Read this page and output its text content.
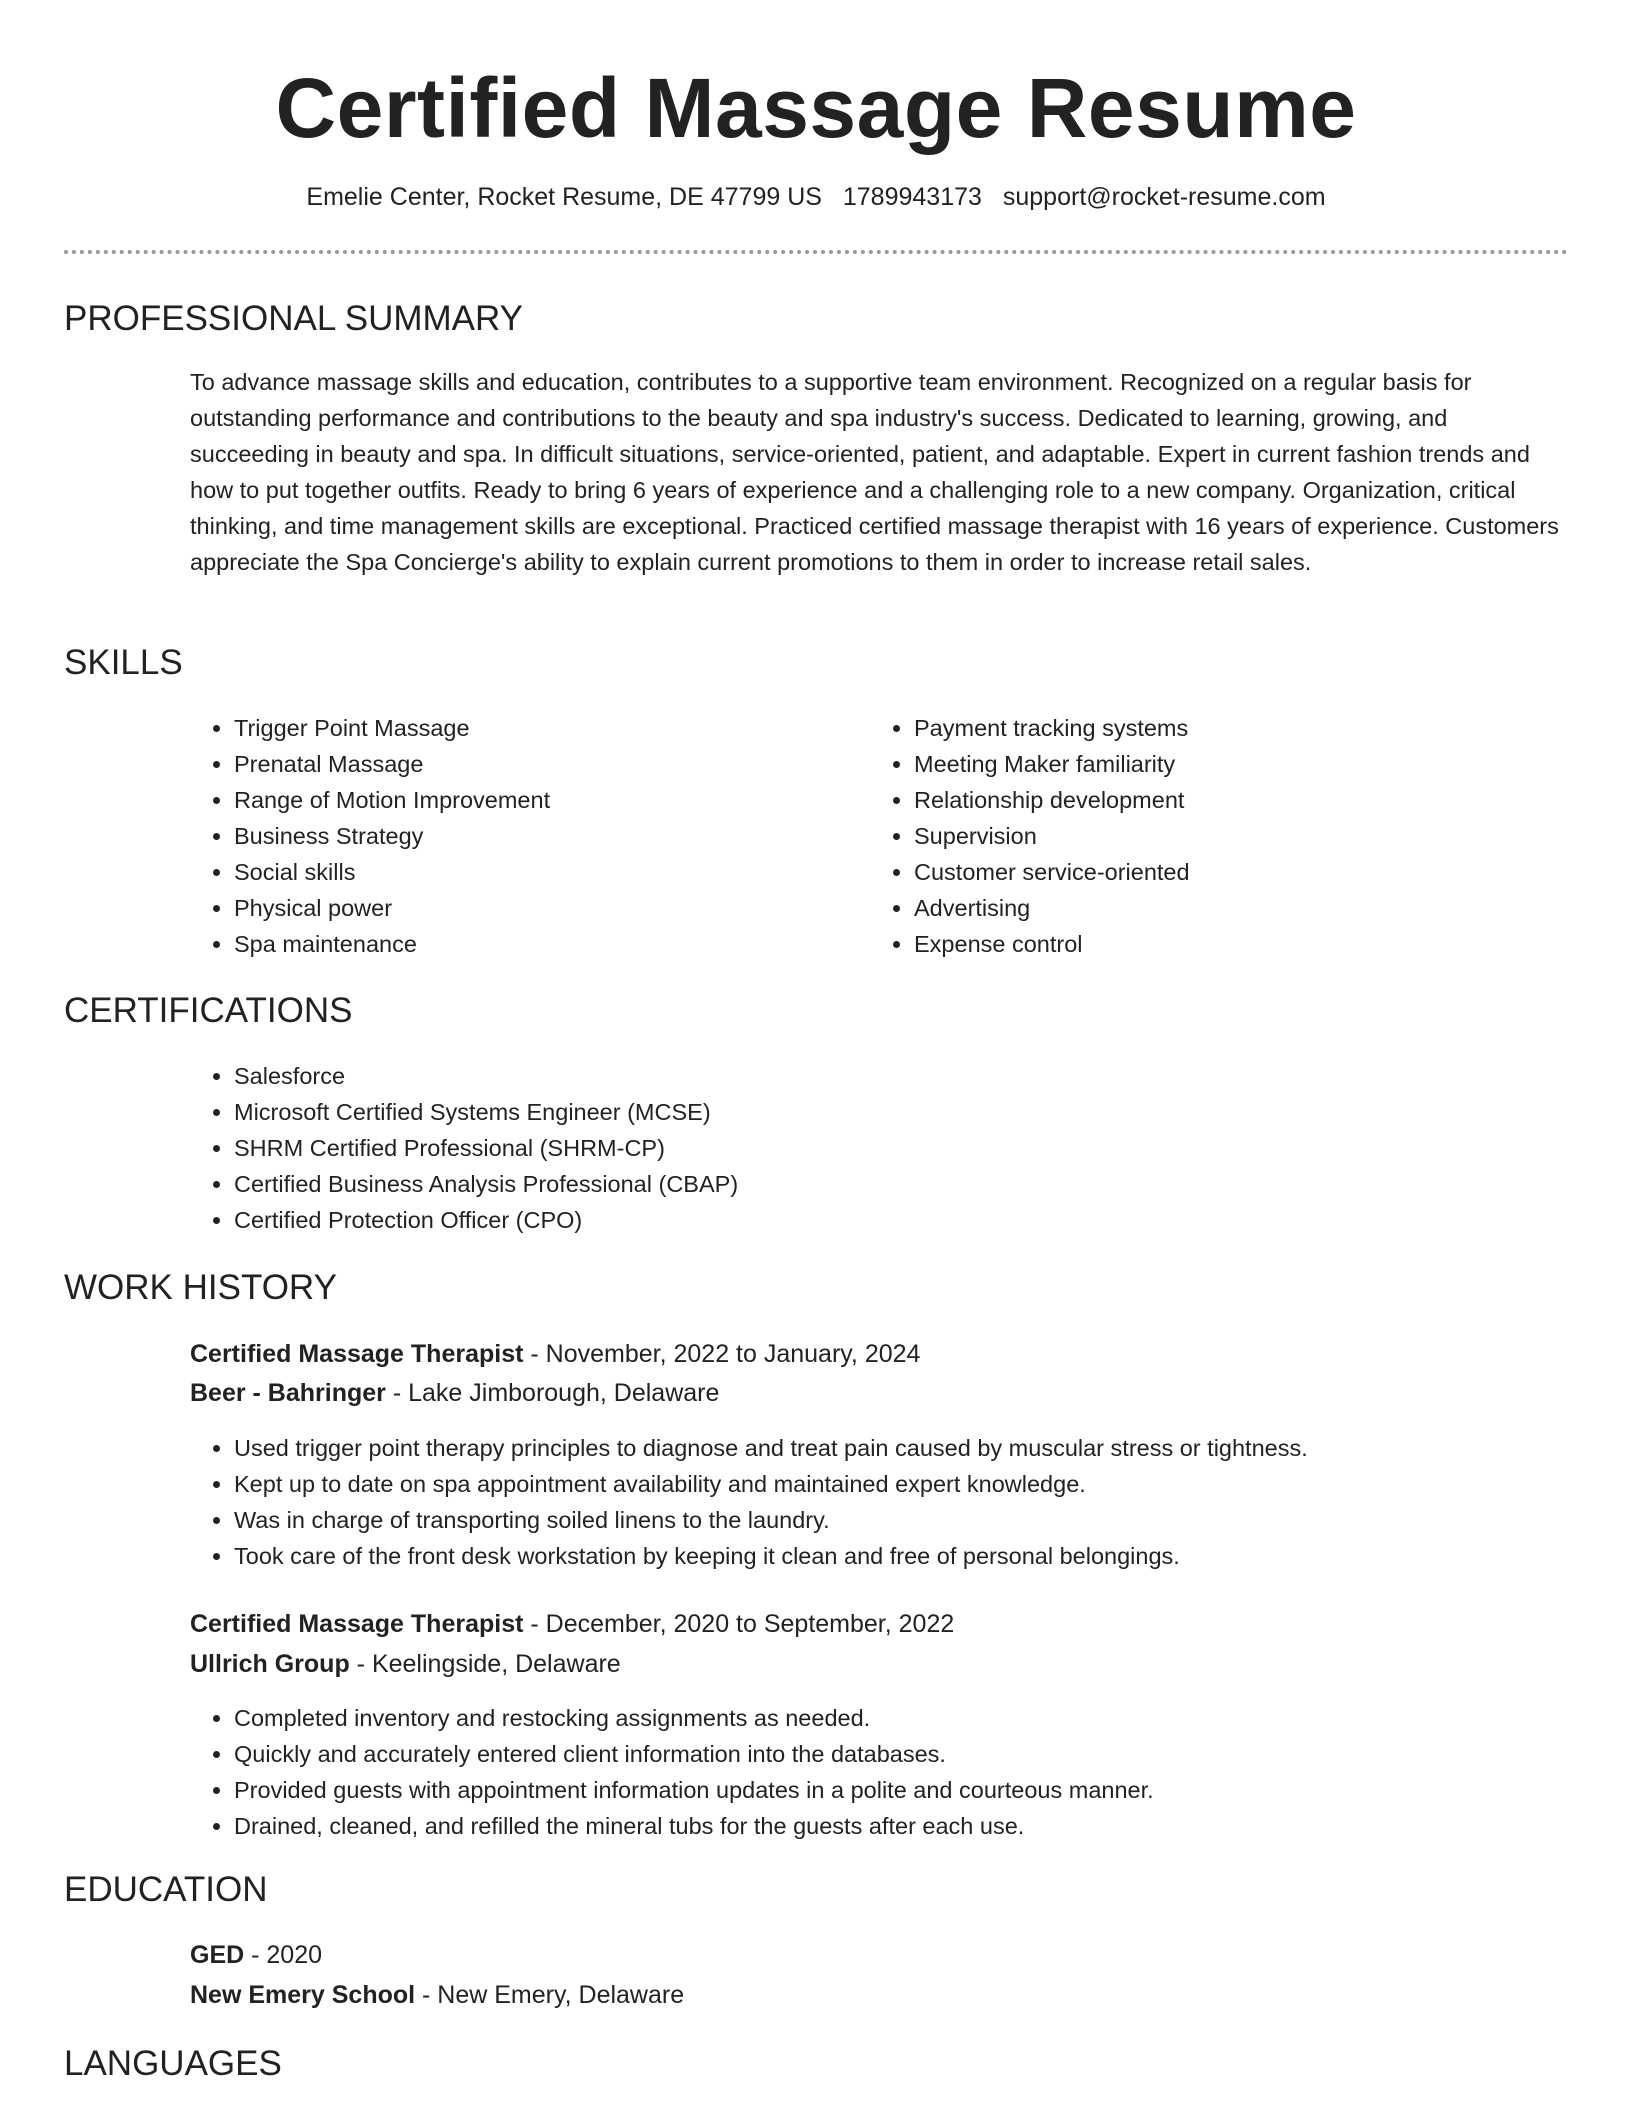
Certified Massage Resume
Emelie Center, Rocket Resume, DE 47799 US 1789943173 support@rocket-resume.com
PROFESSIONAL SUMMARY

To advance massage skills and education, contributes to a supportive team environment. Recognized on a regular basis for outstanding performance and contributions to the beauty and spa industry's success. Dedicated to learning, growing, and succeeding in beauty and spa. In difficult situations, service-oriented, patient, and adaptable. Expert in current fashion trends and how to put together outfits. Ready to bring 6 years of experience and a challenging role to a new company. Organization, critical thinking, and time management skills are exceptional. Practiced certified massage therapist with 16 years of experience. Customers appreciate the Spa Concierge's ability to explain current promotions to them in order to increase retail sales.

SKILLS
• Trigger Point Massage
• Prenatal Massage
• Range of Motion Improvement
• Business Strategy
• Social skills
• Physical power
• Spa maintenance
• Payment tracking systems
• Meeting Maker familiarity
• Relationship development
• Supervision
• Customer service-oriented
• Advertising
• Expense control
CERTIFICATIONS
• Salesforce
• Microsoft Certified Systems Engineer (MCSE)
• SHRM Certified Professional (SHRM-CP)
• Certified Business Analysis Professional (CBAP)
• Certified Protection Officer (CPO)
WORK HISTORY
Certified Massage Therapist - November, 2022 to January, 2024
Beer - Bahringer - Lake Jimborough, Delaware
• Used trigger point therapy principles to diagnose and treat pain caused by muscular stress or tightness.
• Kept up to date on spa appointment availability and maintained expert knowledge.
• Was in charge of transporting soiled linens to the laundry.
• Took care of the front desk workstation by keeping it clean and free of personal belongings.
Certified Massage Therapist - December, 2020 to September, 2022
Ullrich Group - Keelingside, Delaware
• Completed inventory and restocking assignments as needed.
• Quickly and accurately entered client information into the databases.
• Provided guests with appointment information updates in a polite and courteous manner.
• Drained, cleaned, and refilled the mineral tubs for the guests after each use.
EDUCATION
GED - 2020
New Emery School - New Emery, Delaware
LANGUAGES
